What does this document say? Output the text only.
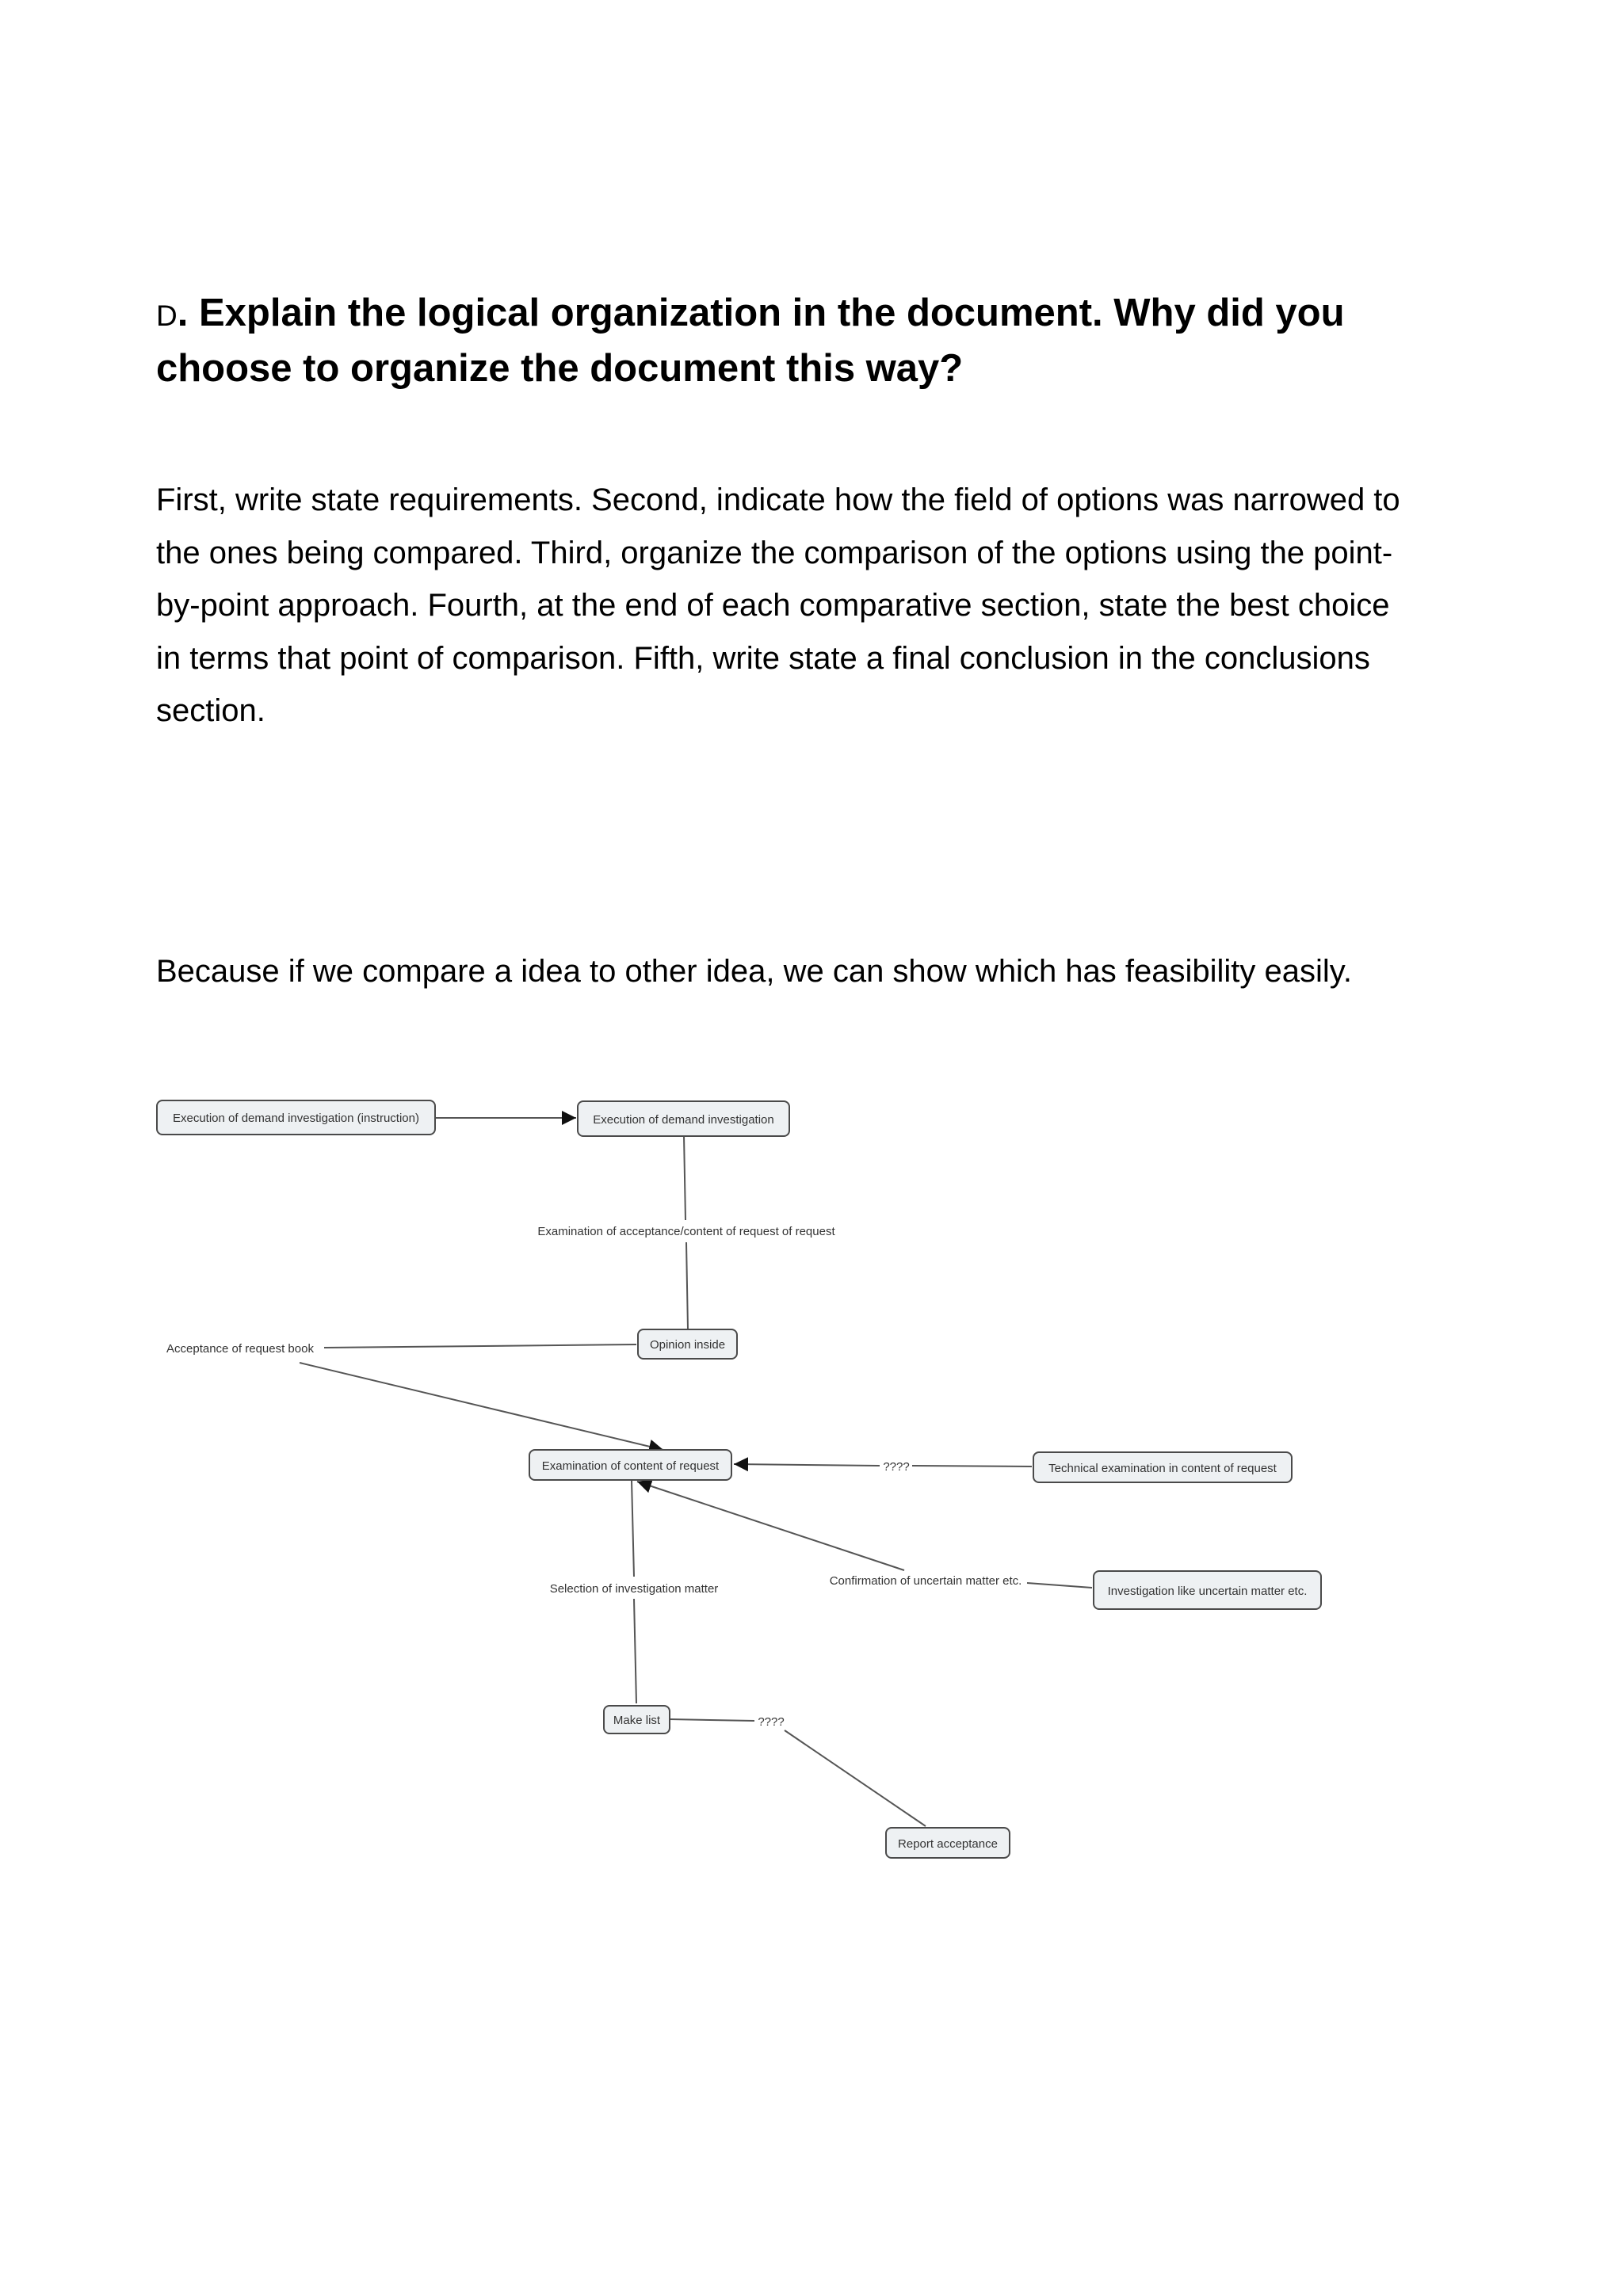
D. Explain the logical organization in the document. Why did you
choose to organize the document this way?

First, write state requirements. Second, indicate how the field of options was narrowed to
the ones being compared. Third, organize the comparison of the options using the point-
by-point approach. Fourth, at the end of each comparative section, state the best choice
in terms that point of comparison. Fifth, write state a final conclusion in the conclusions
section.

Because if we compare a idea to other idea, we can show which has feasibility easily.

Examination of acceptance/content of request of request
Acceptance of request book
????
Confirmation of uncertain matter etc.
Selection of investigation matter
????
Execution of demand investigation (instruction)	Execution of demand investigation
Opinion inside
Examination of content of request	Technical examination in content of request
Investigation like uncertain matter etc.
Make list
Report acceptance
